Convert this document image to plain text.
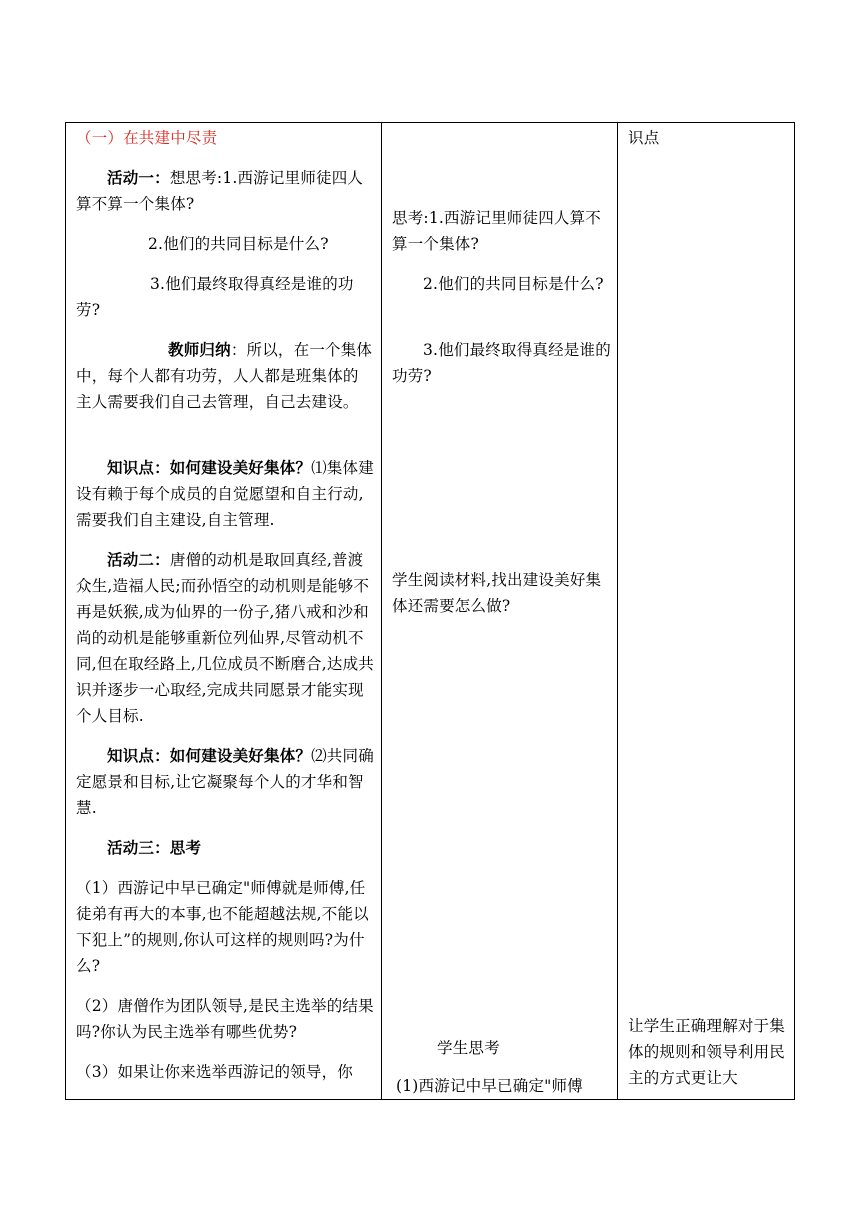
（一）在共建中尽责

活动一：想思考:1.西游记里师徒四人算不算一个集体?

2.他们的共同目标是什么?

3.他们最终取得真经是谁的功劳?

教师归纳：所以，在一个集体中，每个人都有功劳，人人都是班集体的主人需要我们自己去管理，自己去建设。

知识点：如何建设美好集体？⑴集体建设有赖于每个成员的自觉愿望和自主行动,需要我们自主建设,自主管理.

活动二：唐僧的动机是取回真经,普渡众生,造福人民;而孙悟空的动机则是能够不再是妖猴,成为仙界的一份子,猪八戒和沙和尚的动机是能够重新位列仙界,尽管动机不同,但在取经路上,几位成员不断磨合,达成共识并逐步一心取经,完成共同愿景才能实现个人目标.

知识点：如何建设美好集体？⑵共同确定愿景和目标,让它凝聚每个人的才华和智慧.

活动三：思考

（1）西游记中早已确定"师傅就是师傅,任徒弟有再大的本事,也不能超越法规,不能以下犯上”的规则,你认可这样的规则吗?为什么?

（2）唐僧作为团队领导,是民主选举的结果吗?你认为民主选举有哪些优势?

（3）如果让你来选举西游记的领导，你

思考:1.西游记里师徒四人算不算一个集体?

2.他们的共同目标是什么?

3.他们最终取得真经是谁的功劳?

学生阅读材料,找出建设美好集体还需要怎么做?

学生思考

(1)西游记中早已确定"师傅

识点

让学生正确理解对于集体的规则和领导利用民主的方式更让大
